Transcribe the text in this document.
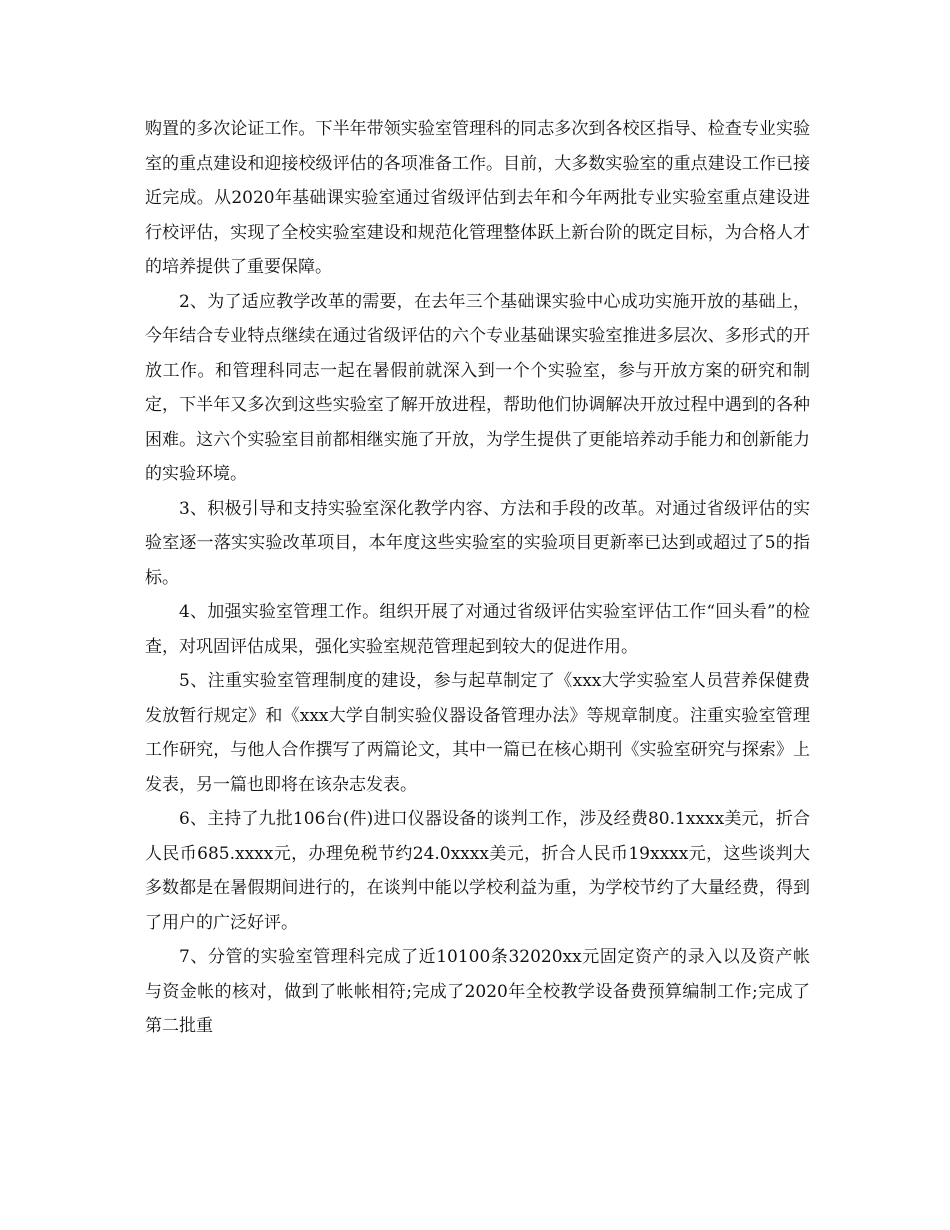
购置的多次论证工作。下半年带领实验室管理科的同志多次到各校区指导、检查专业实验室的重点建设和迎接校级评估的各项准备工作。目前，大多数实验室的重点建设工作已接近完成。从2020年基础课实验室通过省级评估到去年和今年两批专业实验室重点建设进行校评估，实现了全校实验室建设和规范化管理整体跃上新台阶的既定目标，为合格人才的培养提供了重要保障。

2、为了适应教学改革的需要，在去年三个基础课实验中心成功实施开放的基础上，今年结合专业特点继续在通过省级评估的六个专业基础课实验室推进多层次、多形式的开放工作。和管理科同志一起在暑假前就深入到一个个实验室，参与开放方案的研究和制定，下半年又多次到这些实验室了解开放进程，帮助他们协调解决开放过程中遇到的各种困难。这六个实验室目前都相继实施了开放，为学生提供了更能培养动手能力和创新能力的实验环境。

3、积极引导和支持实验室深化教学内容、方法和手段的改革。对通过省级评估的实验室逐一落实实验改革项目，本年度这些实验室的实验项目更新率已达到或超过了5的指标。

4、加强实验室管理工作。组织开展了对通过省级评估实验室评估工作“回头看”的检查，对巩固评估成果，强化实验室规范管理起到较大的促进作用。

5、注重实验室管理制度的建设，参与起草制定了《xxx大学实验室人员营养保健费发放暂行规定》和《xxx大学自制实验仪器设备管理办法》等规章制度。注重实验室管理工作研究，与他人合作撰写了两篇论文，其中一篇已在核心期刊《实验室研究与探索》上发表，另一篇也即将在该杂志发表。

6、主持了九批106台(件)进口仪器设备的谈判工作，涉及经费80.1xxxx美元，折合人民币685.xxxx元，办理免税节约24.0xxxx美元，折合人民币19xxxx元，这些谈判大多数都是在暑假期间进行的，在谈判中能以学校利益为重，为学校节约了大量经费，得到了用户的广泛好评。

7、分管的实验室管理科完成了近10100条32020xx元固定资产的录入以及资产帐与资金帐的核对，做到了帐帐相符;完成了2020年全校教学设备费预算编制工作;完成了第二批重
